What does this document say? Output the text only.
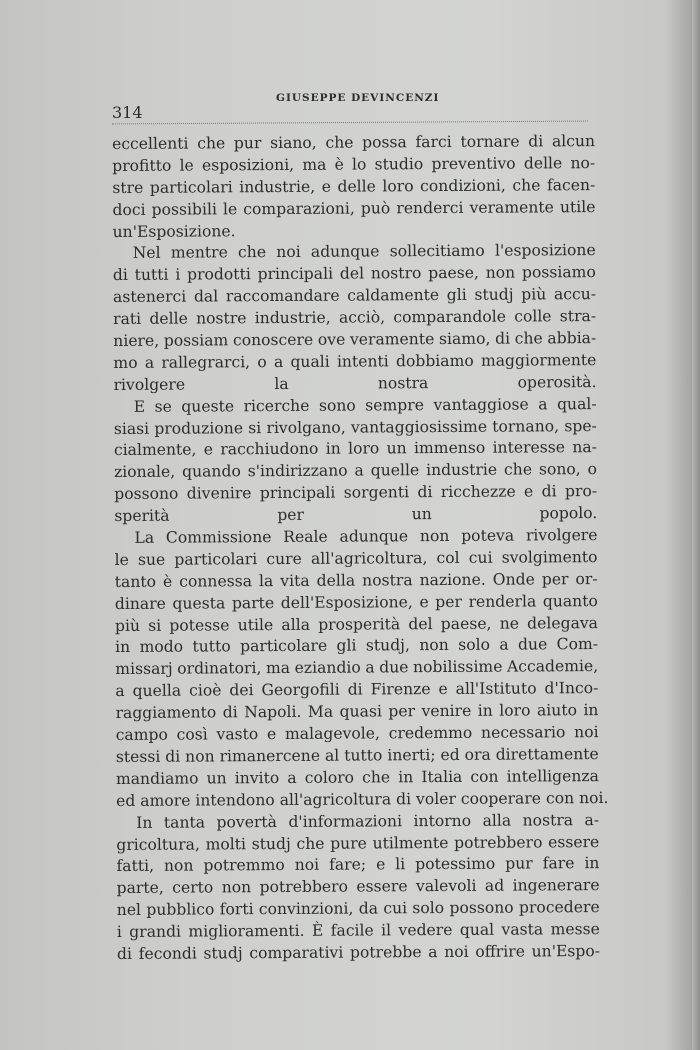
314
GIUSEPPE DEVINCENZI
eccellenti che pur siano, che possa farci tornare di alcun
profitto le esposizioni, ma è lo studio preventivo delle no-
stre particolari industrie, e delle loro condizioni, che facen-
doci possibili le comparazioni, può renderci veramente utile
un'Esposizione.
Nel mentre che noi adunque sollecitiamo l'esposizione
di tutti i prodotti principali del nostro paese, non possiamo
astenerci dal raccomandare caldamente gli studj più accu-
rati delle nostre industrie, acciò, comparandole colle stra-
niere, possiam conoscere ove veramente siamo, di che abbia-
mo a rallegrarci, o a quali intenti dobbiamo maggiormente
rivolgere la nostra operosità.
E se queste ricerche sono sempre vantaggiose a qual-
siasi produzione si rivolgano, vantaggiosissime tornano, spe-
cialmente, e racchiudono in loro un immenso interesse na-
zionale, quando s'indirizzano a quelle industrie che sono, o
possono divenire principali sorgenti di ricchezze e di pro-
sperità per un popolo.
La Commissione Reale adunque non poteva rivolgere
le sue particolari cure all'agricoltura, col cui svolgimento
tanto è connessa la vita della nostra nazione. Onde per or-
dinare questa parte dell'Esposizione, e per renderla quanto
più si potesse utile alla prosperità del paese, ne delegava
in modo tutto particolare gli studj, non solo a due Com-
missarj ordinatori, ma eziandio a due nobilissime Accademie,
a quella cioè dei Georgofili di Firenze e all'Istituto d'Inco-
raggiamento di Napoli. Ma quasi per venire in loro aiuto in
campo così vasto e malagevole, credemmo necessario noi
stessi di non rimanercene al tutto inerti; ed ora direttamente
mandiamo un invito a coloro che in Italia con intelligenza
ed amore intendono all'agricoltura di voler cooperare con noi.
In tanta povertà d'informazioni intorno alla nostra a-
gricoltura, molti studj che pure utilmente potrebbero essere
fatti, non potremmo noi fare; e li potessimo pur fare in
parte, certo non potrebbero essere valevoli ad ingenerare
nel pubblico forti convinzioni, da cui solo possono procedere
i grandi miglioramenti. È facile il vedere qual vasta messe
di fecondi studj comparativi potrebbe a noi offrire un'Espo-
